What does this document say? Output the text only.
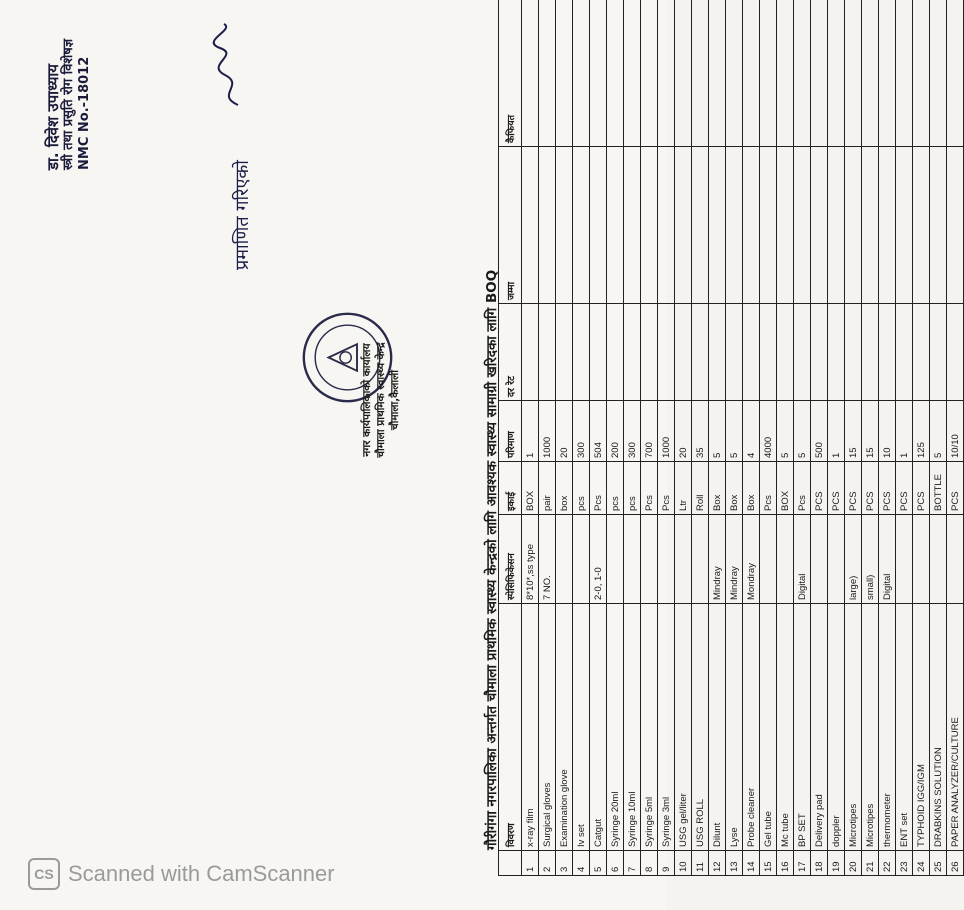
गौरीगंगा नगरपालिका अन्तर्गत चौमाला प्राथमिक स्वास्थ्य केन्द्रको लागि आवश्यक स्वास्थ्य सामाग्री खरिदका लागि BOQ
	विवरण	स्पेसिफिकेसन	इकाई	परिमाण	दर रेट	जम्मा	कैफियत
1	x-ray film	8*10*,ss type	BOX	1			
2	Surgical gloves	7 NO.	pair	1000			
3	Examination glove		box	20			
4	Iv set		pcs	300			
5	Catgut	2-0, 1-0	Pcs	504			
6	Syringe 20ml		pcs	200			
7	Syringe 10ml		pcs	300			
8	Syringe 5ml		Pcs	700			
9	Syringe 3ml		Pcs	1000			
10	USG gel/liter		Ltr	20			
11	USG ROLL		Roll	35			
12	Dilunt	Mindray	Box	5			
13	Lyse	Mindray	Box	5			
14	Probe cleaner	Mondray	Box	4			
15	Gel tube		Pcs	4000			
16	Mc tube		BOX	5			
17	BP SET	Digital	Pcs	5			
18	Delivery pad		PCS	500			
19	doppler		PCS	1			
20	Microtipes	large)	PCS	15			
21	Microtipes	small)	PCS	15			
22	thermometer	Digital	PCS	10			
23	ENT set		PCS	1			
24	TYPHOID IGG/IGM		PCS	125			
25	DRABKINS SOLUTION		BOTTLE	5			
26	PAPER ANALYZER/CULTURE		PCS	10/10			
नगर कार्यपालिकाको कार्यालय चौमाला प्राथमिक स्वास्थ्य केन्द्र चौमाला,कैलाली
प्रमाणित गरिएको
डा. दिवेश उपाध्याय स्त्री तथा प्रसुति रोग विशेषज्ञ NMC No.-18012
CS Scanned with CamScanner
